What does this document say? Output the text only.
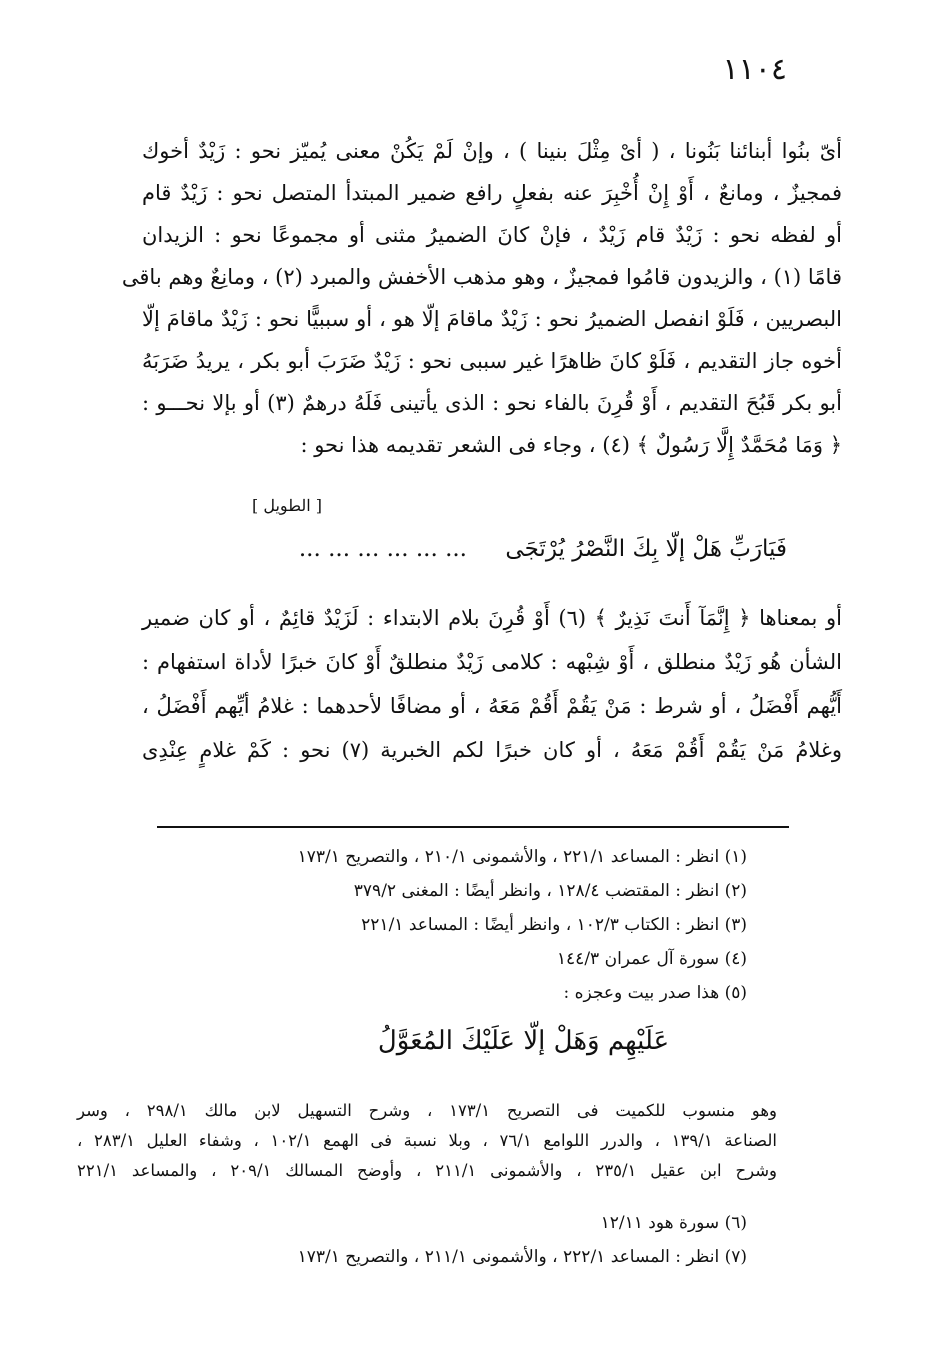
١١٠٤

أىّ بنُوا أبنائنا بَنُونا ، ( أىْ مِثْلَ بنينا ) ، وإنْ لَمْ يَكُنْ معنى يُميّز نحو : زَيْدٌ أخوك

فمجيزٌ ، ومانعٌ ، أَوْ إِنْ أُخْبِرَ عنه بفعلٍ رافع ضمير المبتدأ المتصل نحو : زَيْدٌ قام

أو لفظه نحو : زَيْدٌ قام زَيْدٌ ، فإنْ كانَ الضميرُ مثنى أو مجموعًا نحو : الزيدان

قامًا (١) ، والزيدون قامُوا فمجيزٌ ، وهو مذهب الأخفش والمبرد (٢) ، ومانِعٌ وهم باقى

البصريين ، فَلَوْ انفصل الضميرُ نحو : زَيْدٌ ماقامَ إلّا هو ، أو سببيًّا نحو : زَيْدٌ ماقامَ إلّا

أخوه جاز التقديم ، فَلَوْ كانَ ظاهرًا غير سببى نحو : زَيْدٌ ضَرَبَ أبو بكر ، يريدُ ضَرَبَهُ

أبو بكر قَبُحَ التقديم ، أَوْ قُرِنَ بالفاء نحو : الذى يأتينى فَلَهُ درهمٌ (٣) أو بإلا نحـــو :

﴿ وَمَا مُحَمَّدٌ إِلَّا رَسُولٌ ﴾ (٤) ، وجاء فى الشعر تقديمه هذا نحو :

[ الطويل ]
فَيَارَبِّ هَلْ إلّا بِكَ النَّصْرُ يُرْتَجَى
... ... ... ... ... ...

أو بمعناها ﴿ إِنَّمَآ أَنتَ نَذِيرٌ ﴾ (٦) أَوْ قُرِنَ بلام الابتداء : لَزَيْدٌ قائِمٌ ، أو كان ضمير

الشأن هُو زَيْدٌ منطلق ، أَوْ شِبْهه : كلامى زَيْدٌ منطلقٌ أَوْ كانَ خبرًا لأداة استفهام :

أَيُّهم أَفْضَلُ ، أو شرط : مَنْ يَقُمْ أَقُمْ مَعَهُ ، أو مضافًا لأحدهما : غلامُ أيِّهم أَفْضَلُ ،

وغلامُ مَنْ يَقُمْ أَقُمْ مَعَهُ ، أو كان خبرًا لكم الخبرية (٧) نحو : كَمْ غلامٍ عِنْدِى

(١) انظر : المساعد ٢٢١/١ ، والأشمونى ٢١٠/١ ، والتصريح ١٧٣/١

(٢) انظر : المقتضب ١٢٨/٤ ، وانظر أيضًا : المغنى ٣٧٩/٢

(٣) انظر : الكتاب ١٠٢/٣ ، وانظر أيضًا : المساعد ٢٢١/١

(٤) سورة آل عمران ١٤٤/٣

(٥) هذا صدر بيت وعجزه :

عَلَيْهِم وَهَلْ إلّا عَلَيْكَ المُعَوَّلُ

وهو منسوب للكميت فى التصريح ١٧٣/١ ، وشرح التسهيل لابن مالك ٢٩٨/١ ، وسر

الصناعة ١٣٩/١ ، والدرر اللوامع ٧٦/١ ، وبلا نسبة فى الهمع ١٠٢/١ ، وشفاء العليل ٢٨٣/١ ،

وشرح ابن عقيل ٢٣٥/١ ، والأشمونى ٢١١/١ ، وأوضح المسالك ٢٠٩/١ ، والمساعد ٢٢١/١

(٦) سورة هود ١٢/١١

(٧) انظر : المساعد ٢٢٢/١ ، والأشمونى ٢١١/١ ، والتصريح ١٧٣/١
